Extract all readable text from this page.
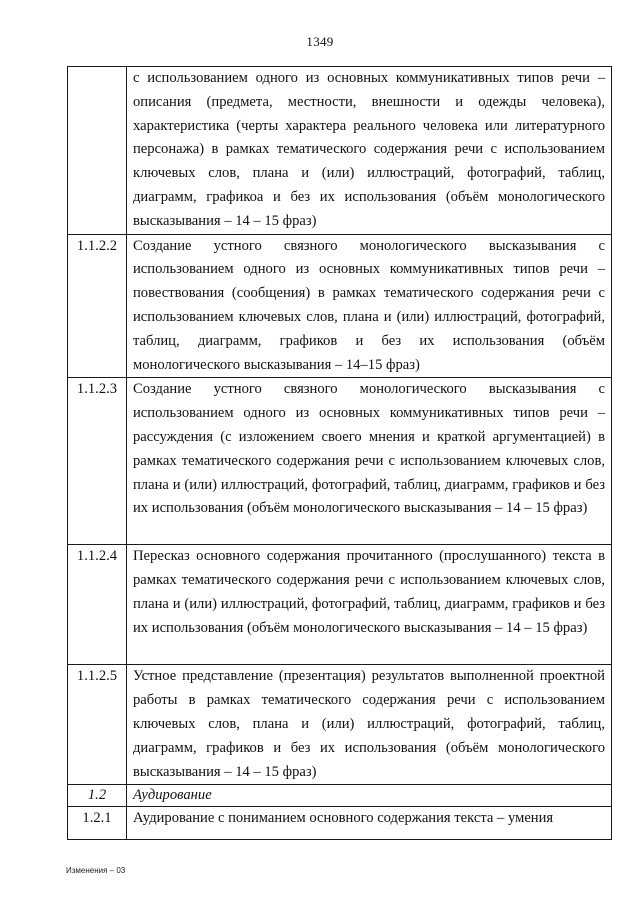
1349
	с использованием одного из основных коммуникативных типов речи – описания (предмета, местности, внешности и одежды человека), характеристика (черты характера реального человека или литературного персонажа) в рамках тематического содержания речи с использованием ключевых слов, плана и (или) иллюстраций, фотографий, таблиц, диаграмм, графикоа и без их использования (объём монологического высказывания – 14 – 15 фраз)
1.1.2.2	Создание устного связного монологического высказывания с использованием одного из основных коммуникативных типов речи – повествования (сообщения) в рамках тематического содержания речи с использованием ключевых слов, плана и (или) иллюстраций, фотографий, таблиц, диаграмм, графиков и без их использования (объём монологического высказывания – 14–15 фраз)
1.1.2.3	Создание устного связного монологического высказывания с использованием одного из основных коммуникативных типов речи – рассуждения (с изложением своего мнения и краткой аргументацией) в рамках тематического содержания речи с использованием ключевых слов, плана и (или) иллюстраций, фотографий, таблиц, диаграмм, графиков и без их использования (объём монологического высказывания – 14 – 15 фраз)
1.1.2.4	Пересказ основного содержания прочитанного (прослушанного) текста в рамках тематического содержания речи с использованием ключевых слов, плана и (или) иллюстраций, фотографий, таблиц, диаграмм, графиков и без их использования (объём монологического высказывания – 14 – 15 фраз)
1.1.2.5	Устное представление (презентация) результатов выполненной проектной работы в рамках тематического содержания речи с использованием ключевых слов, плана и (или) иллюстраций, фотографий, таблиц, диаграмм, графиков и без их использования (объём монологического высказывания – 14 – 15 фраз)
1.2	Аудирование
1.2.1	Аудирование с пониманием основного содержания текста – умения
Изменения – 03
